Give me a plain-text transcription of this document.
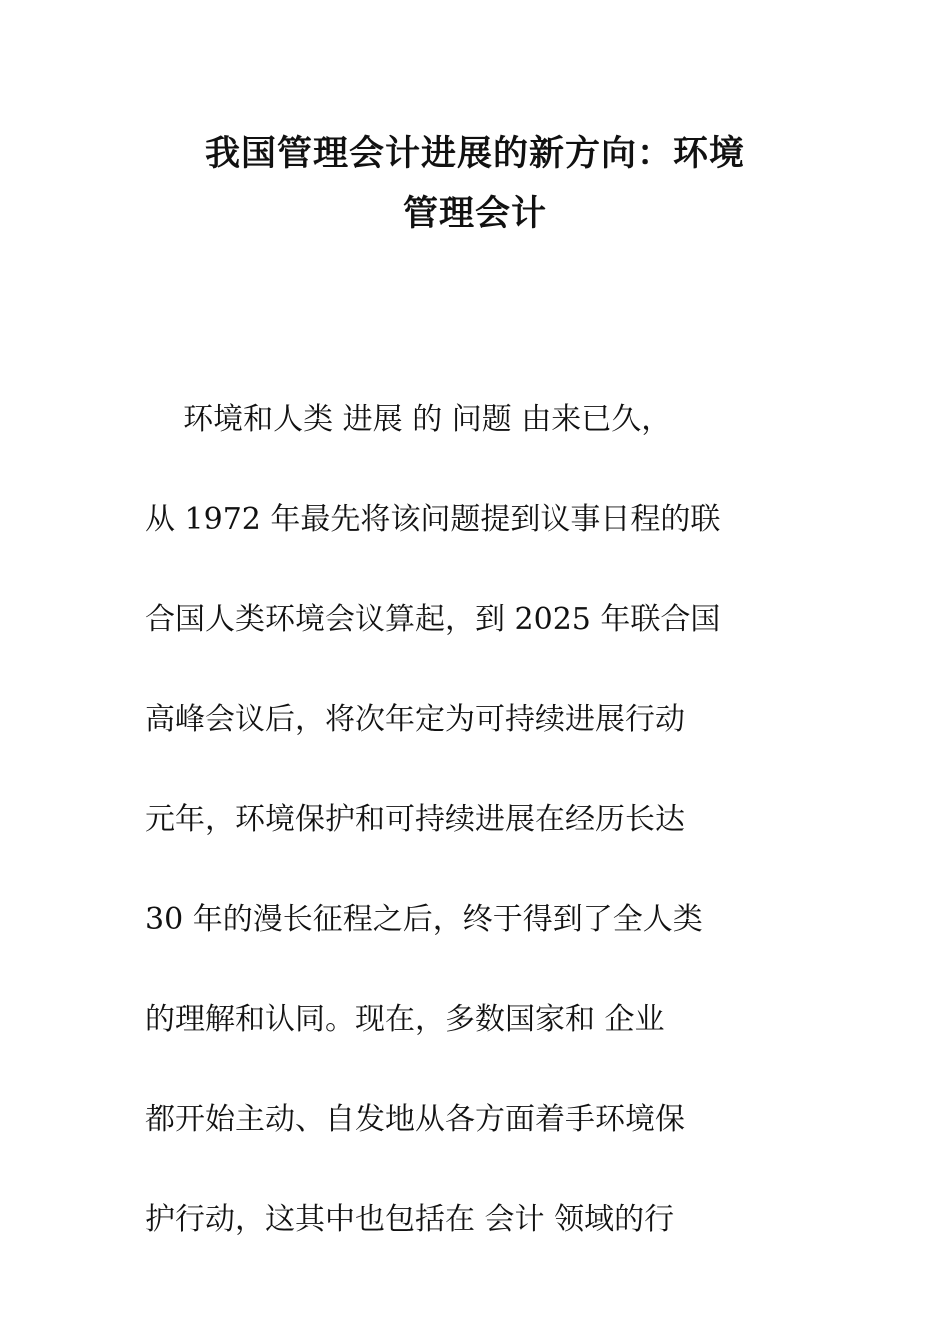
我国管理会计进展的新方向：环境
管理会计
环境和人类 进展 的 问题 由来已久，
从 1972 年最先将该问题提到议事日程的联
合国人类环境会议算起，到 2025 年联合国
高峰会议后，将次年定为可持续进展行动
元年，环境保护和可持续进展在经历长达
30 年的漫长征程之后，终于得到了全人类
的理解和认同。现在，多数国家和 企业
都开始主动、自发地从各方面着手环境保
护行动，这其中也包括在 会计 领域的行
